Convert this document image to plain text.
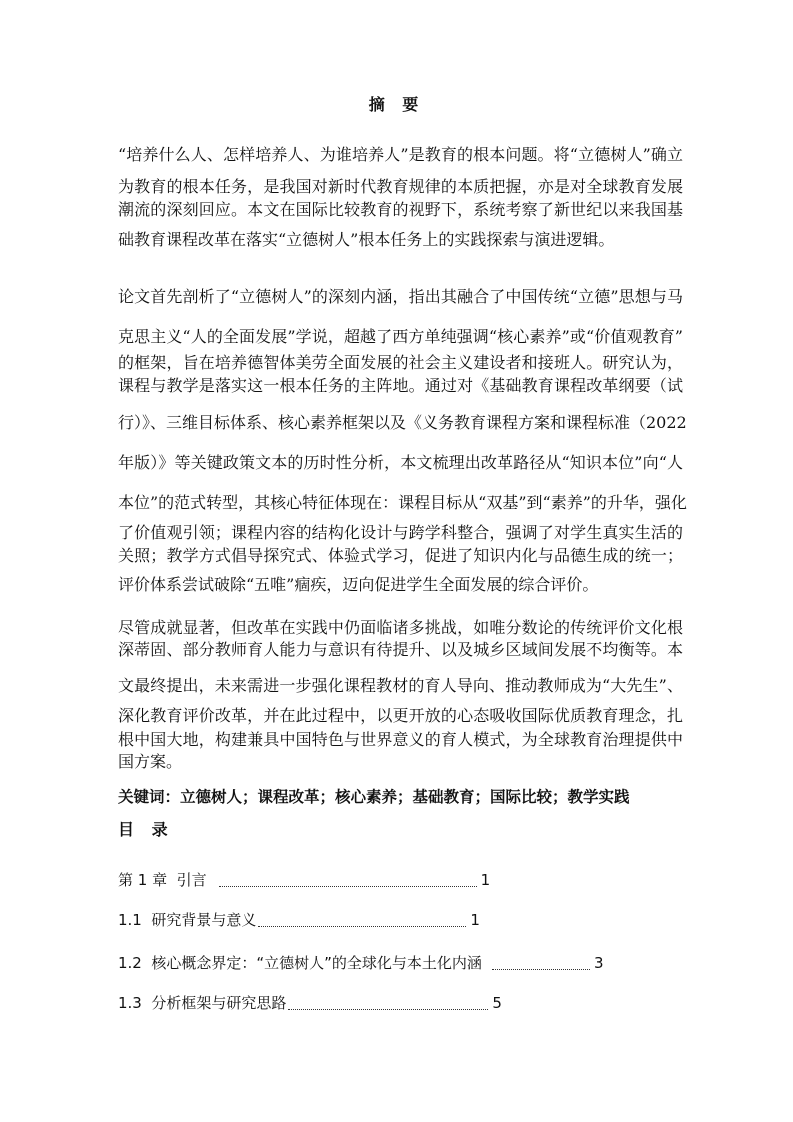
摘 要
“培养什么人、怎样培养人、为谁培养人”是教育的根本问题。将“立德树人”确立
为教育的根本任务，是我国对新时代教育规律的本质把握，亦是对全球教育发展
潮流的深刻回应。本文在国际比较教育的视野下，系统考察了新世纪以来我国基
础教育课程改革在落实“立德树人”根本任务上的实践探索与演进逻辑。
论文首先剖析了“立德树人”的深刻内涵，指出其融合了中国传统“立德”思想与马
克思主义“人的全面发展”学说，超越了西方单纯强调“核心素养”或“价值观教育”
的框架，旨在培养德智体美劳全面发展的社会主义建设者和接班人。研究认为，
课程与教学是落实这一根本任务的主阵地。通过对《基础教育课程改革纲要（试
行）》、三维目标体系、核心素养框架以及《义务教育课程方案和课程标准（2022
年版）》等关键政策文本的历时性分析，本文梳理出改革路径从“知识本位”向“人
本位”的范式转型，其核心特征体现在：课程目标从“双基”到“素养”的升华，强化
了价值观引领；课程内容的结构化设计与跨学科整合，强调了对学生真实生活的
关照；教学方式倡导探究式、体验式学习，促进了知识内化与品德生成的统一；
评价体系尝试破除“五唯”痼疾，迈向促进学生全面发展的综合评价。
尽管成就显著，但改革在实践中仍面临诸多挑战，如唯分数论的传统评价文化根
深蒂固、部分教师育人能力与意识有待提升、以及城乡区域间发展不均衡等。本
文最终提出，未来需进一步强化课程教材的育人导向、推动教师成为“大先生”、
深化教育评价改革，并在此过程中，以更开放的心态吸收国际优质教育理念，扎
根中国大地，构建兼具中国特色与世界意义的育人模式，为全球教育治理提供中
国方案。
关键词：立德树人；课程改革；核心素养；基础教育；国际比较；教学实践
目 录
第 1 章  引言	1
1.1  研究背景与意义	1
1.2  核心概念界定：“立德树人”的全球化与本土化内涵	3
1.3  分析框架与研究思路	5
